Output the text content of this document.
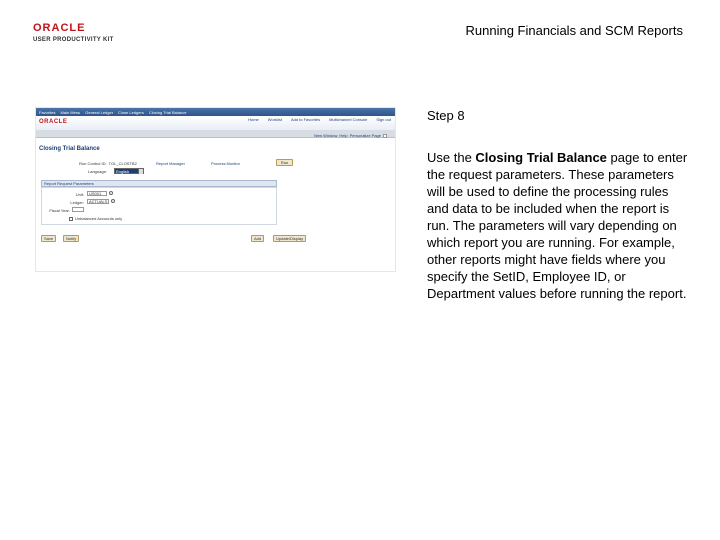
ORACLE
USER PRODUCTIVITY KIT
Running Financials and SCM Reports
Favorites Main Menu General Ledger Close Ledgers Closing Trial Balance
ORACLE	Home Worklist Add to Favorites Multichannel Console Sign out
New Window Help Personalize Page
Closing Trial Balance
Run Control ID: TGL_CLOSTB2	Report Manager	Process Monitor	Run
Language:	English
Report Request Parameters
Unit:	US001
Ledger:	ACTUALS
Fiscal Year:
Unbalanced Accounts only
Save	Notify	Add	Update/Display
Step 8
Use the Closing Trial Balance page to enter the request parameters. These parameters will be used to define the processing rules and data to be included when the report is run. The parameters will vary depending on which report you are running. For example, other reports might have fields where you specify the SetID, Employee ID, or Department values before running the report.
